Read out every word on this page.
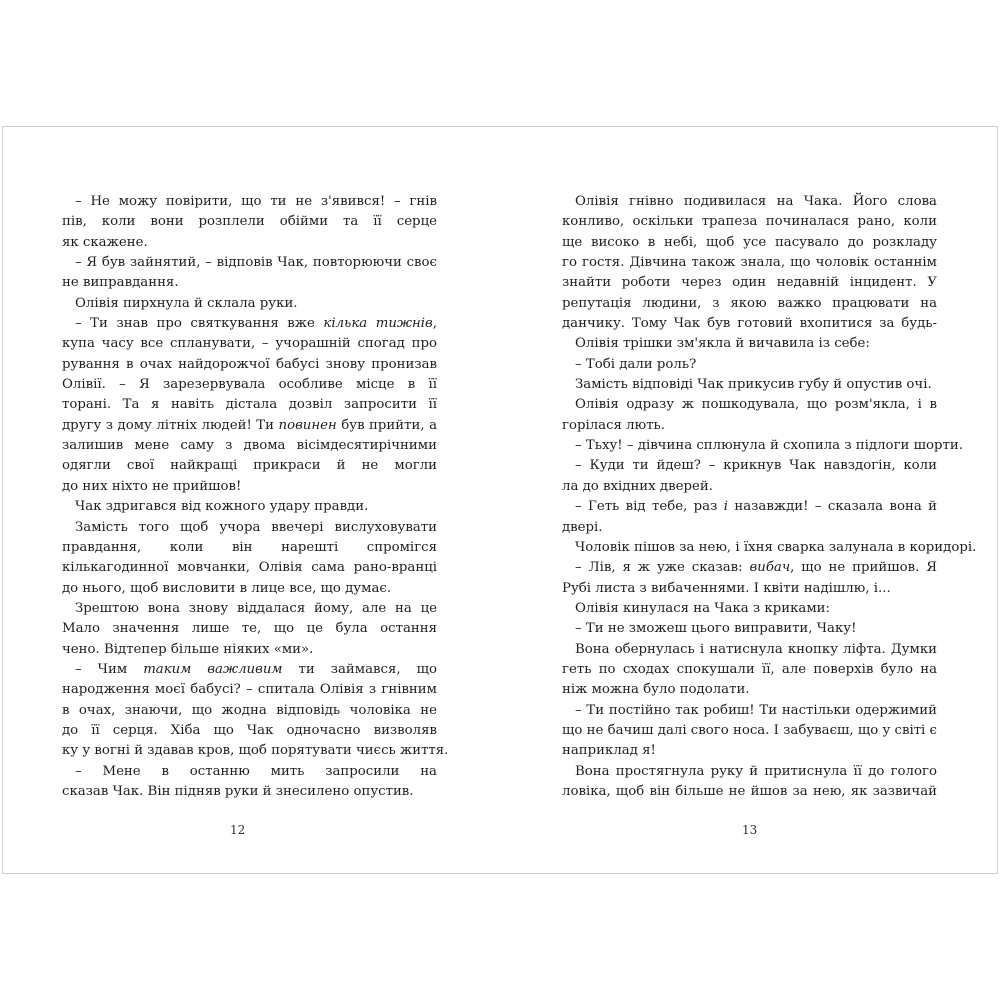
– Не можу повірити, що ти не з'явився! – гнів
пів, коли вони розплели обійми та її серце
як скажене.
– Я був зайнятий, – відповів Чак, повторюючи своє
не виправдання.
Олівія пирхнула й склала руки.
– Ти знав про святкування вже кілька тижнів,
купа часу все спланувати, – учорашній спогад про
рування в очах найдорожчої бабусі знову пронизав
Олівії. – Я зарезервувала особливе місце в її
торані. Та я навіть дістала дозвіл запросити її
другу з дому літніх людей! Ти повинен був прийти, а
залишив мене саму з двома вісімдесятирічними
одягли свої найкращі прикраси й не могли
до них ніхто не прийшов!
Чак здригався від кожного удару правди.
Замість того щоб учора ввечері вислуховувати
правдання, коли він нарешті спромігся
кількагодинної мовчанки, Олівія сама рано-вранці
до нього, щоб висловити в лице все, що думає.
Зрештою вона знову віддалася йому, але на це
Мало значення лише те, що це була остання
чено. Відтепер більше ніяких «ми».
– Чим таким важливим ти займався, що
народження моєї бабусі? – спитала Олівія з гнівним
в очах, знаючи, що жодна відповідь чоловіка не
до її серця. Хіба що Чак одночасно визволяв
ку у вогні й здавав кров, щоб порятувати чиєсь життя.
– Мене в останню мить запросили на
сказав Чак. Він підняв руки й знесилено опустив.
Олівія гнівно подивилася на Чака. Його слова
конливо, оскільки трапеза починалася рано, коли
ще високо в небі, щоб усе пасувало до розкладу
го гостя. Дівчина також знала, що чоловік останнім
знайти роботи через один недавній інцидент. У
репутація людини, з якою важко працювати на
данчику. Тому Чак був готовий вхопитися за будь-
Олівія трішки зм'якла й вичавила із себе:
– Тобі дали роль?
Замість відповіді Чак прикусив губу й опустив очі.
Олівія одразу ж пошкодувала, що розм'якла, і в
горілася лють.
– Тьху! – дівчина сплюнула й схопила з підлоги шорти.
– Куди ти йдеш? – крикнув Чак навздогін, коли
ла до вхідних дверей.
– Геть від тебе, раз і назавжди! – сказала вона й
двері.
Чоловік пішов за нею, і їхня сварка залунала в коридорі.
– Лів, я ж уже сказав: вибач, що не прийшов. Я
Рубі листа з вибаченнями. І квіти надішлю, і...
Олівія кинулася на Чака з криками:
– Ти не зможеш цього виправити, Чаку!
Вона обернулась і натиснула кнопку ліфта. Думки
геть по сходах спокушали її, але поверхів було на
ніж можна було подолати.
– Ти постійно так робиш! Ти настільки одержимий
що не бачиш далі свого носа. І забуваєш, що у світі є
наприклад я!
Вона простягнула руку й притиснула її до голого
ловіка, щоб він більше не йшов за нею, як зазвичай
12	13
